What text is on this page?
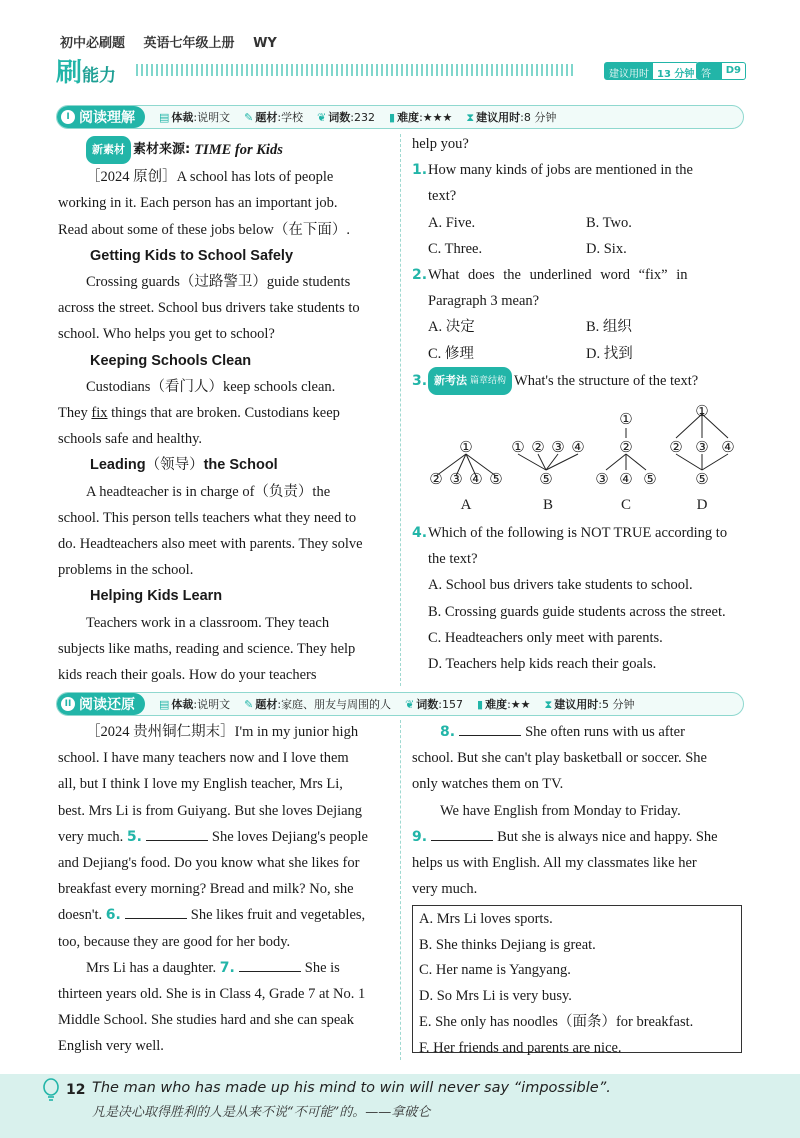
初中必刷题 英语七年级上册 WY
刷能力	建议用时 13 分钟 答案
D9
I 阅读理解 ▤ 体裁:说明文 ✎ 题材:学校 ❦ 词数:232 ▮ 难度:★★★ ⧗ 建议用时:8 分钟
新素材 素材来源: TIME for Kids

［2024 原创］A school has lots of people

working in it. Each person has an important job.

Read about some of these jobs below（在下面）.

Getting Kids to School Safely

Crossing guards（过路警卫）guide students

across the street. School bus drivers take students to

school. Who helps you get to school?

Keeping Schools Clean

Custodians（看门人）keep schools clean.

They fix things that are broken. Custodians keep

schools safe and healthy.

Leading（领导）the School

A headteacher is in charge of（负责）the

school. This person tells teachers what they need to

do. Headteachers also meet with parents. They solve

problems in the school.

Helping Kids Learn

Teachers work in a classroom. They teach

subjects like maths, reading and science. They help

kids reach their goals. How do your teachers

help you?

1. How many kinds of jobs are mentioned in the

text?

A. Five.	B. Two.
C. Three.	D. Six.
2. What does the underlined word “fix” in

Paragraph 3 mean?

A. 决定	B. 组织
C. 修理	D. 找到
3. 新考法 篇章结构 What's the structure of the text?
①
② ③ ④ ⑤
A
① ② ③ ④
⑤
B
①
②
③ ④ ⑤
C
①
② ③ ④
⑤
D
4. Which of the following is NOT TRUE according to

the text?

A. School bus drivers take students to school.

B. Crossing guards guide students across the street.

C. Headteachers only meet with parents.

D. Teachers help kids reach their goals.

II 阅读还原 ▤ 体裁:说明文 ✎ 题材:家庭、朋友与周围的人 ❦ 词数:157 ▮ 难度:★★ ⧗ 建议用时:5 分钟

［2024 贵州铜仁期末］I'm in my junior high

school. I have many teachers now and I love them

all, but I think I love my English teacher, Mrs Li,

best. Mrs Li is from Guiyang. But she loves Dejiang

very much. 5.	She loves Dejiang's people

and Dejiang's food. Do you know what she likes for

breakfast every morning? Bread and milk? No, she

doesn't. 6.	She likes fruit and vegetables,

too, because they are good for her body.

Mrs Li has a daughter. 7.	She is

thirteen years old. She is in Class 4, Grade 7 at No. 1

Middle School. She studies hard and she can speak

English very well.

8.	She often runs with us after

school. But she can't play basketball or soccer. She

only watches them on TV.

We have English from Monday to Friday.

9.	But she is always nice and happy. She

helps us with English. All my classmates like her

very much.

A. Mrs Li loves sports.
B. She thinks Dejiang is great.
C. Her name is Yangyang.
D. So Mrs Li is very busy.
E. She only has noodles（面条）for breakfast.
F. Her friends and parents are nice.
12 The man who has made up his mind to win will never say “impossible”.
凡是决心取得胜利的人是从来不说“不可能”的。——拿破仑
